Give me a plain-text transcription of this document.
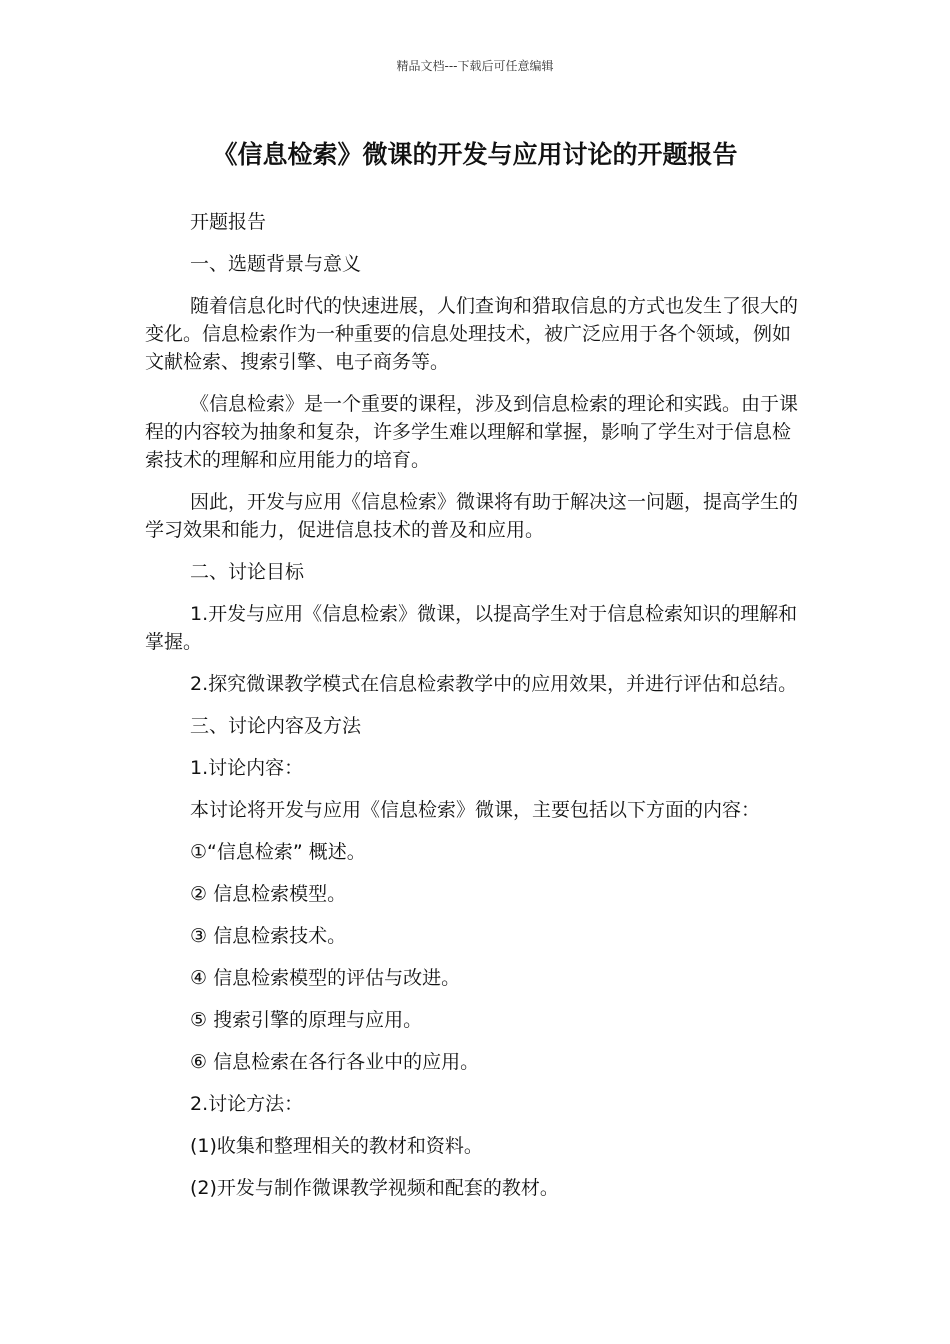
精品文档---下载后可任意编辑
《信息检索》微课的开发与应用讨论的开题报告

开题报告

一、选题背景与意义

随着信息化时代的快速进展，人们查询和猎取信息的方式也发生了很大的变化。信息检索作为一种重要的信息处理技术，被广泛应用于各个领域，例如文献检索、搜索引擎、电子商务等。

《信息检索》是一个重要的课程，涉及到信息检索的理论和实践。由于课程的内容较为抽象和复杂，许多学生难以理解和掌握，影响了学生对于信息检索技术的理解和应用能力的培育。

因此，开发与应用《信息检索》微课将有助于解决这一问题，提高学生的学习效果和能力，促进信息技术的普及和应用。

二、讨论目标

1.开发与应用《信息检索》微课，以提高学生对于信息检索知识的理解和掌握。

2.探究微课教学模式在信息检索教学中的应用效果，并进行评估和总结。

三、讨论内容及方法

1.讨论内容：

本讨论将开发与应用《信息检索》微课，主要包括以下方面的内容：

①“信息检索” 概述。

② 信息检索模型。

③ 信息检索技术。

④ 信息检索模型的评估与改进。

⑤ 搜索引擎的原理与应用。

⑥ 信息检索在各行各业中的应用。

2.讨论方法：

(1)收集和整理相关的教材和资料。

(2)开发与制作微课教学视频和配套的教材。
